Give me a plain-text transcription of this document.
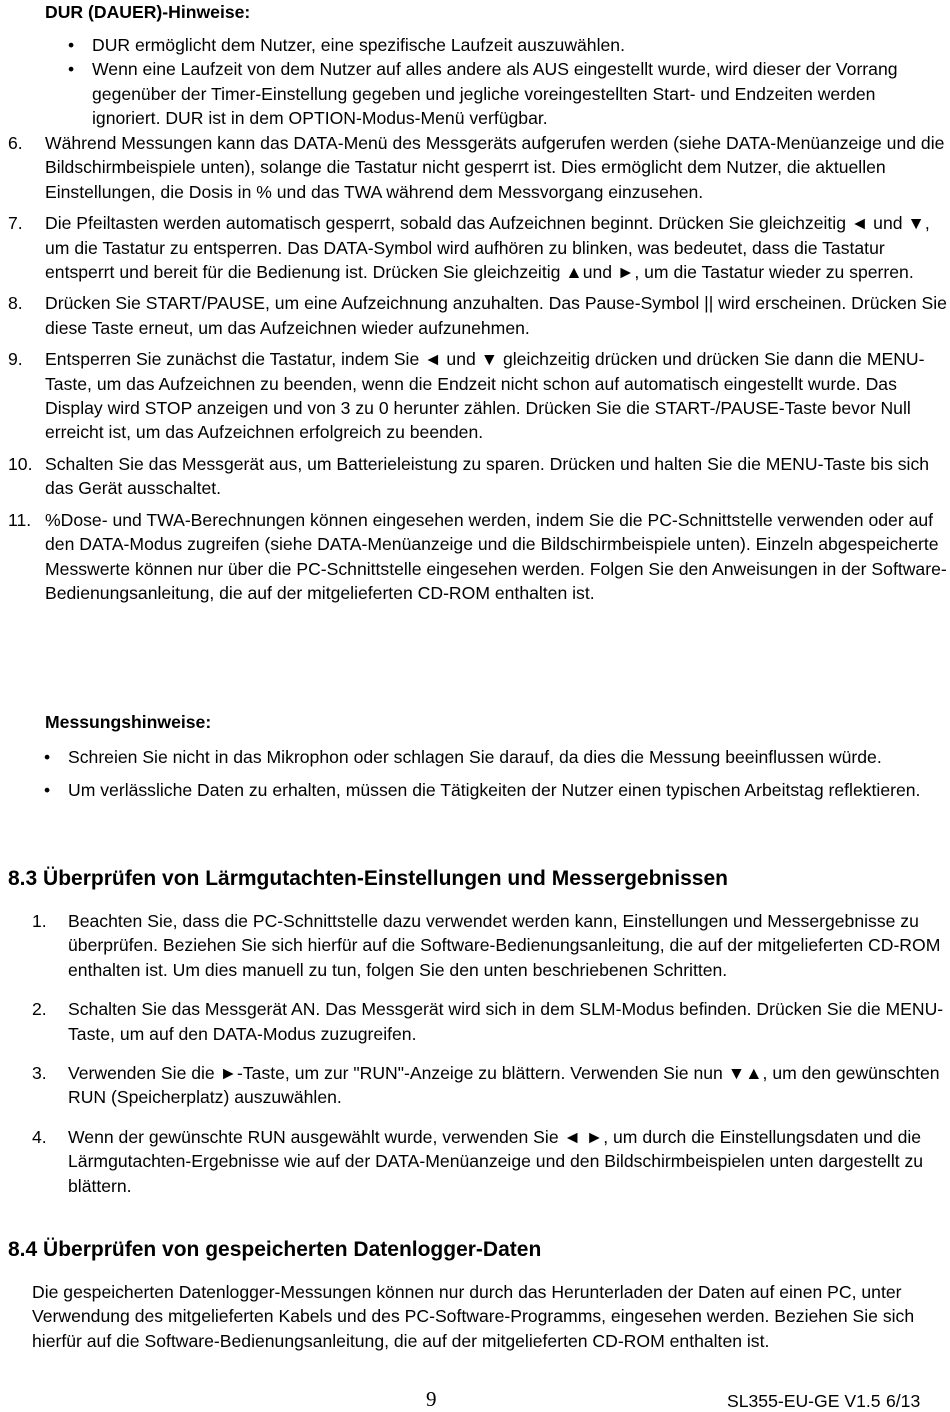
DUR (DAUER)-Hinweise:
• DUR ermöglicht dem Nutzer, eine spezifische Laufzeit auszuwählen.
• Wenn eine Laufzeit von dem Nutzer auf alles andere als AUS eingestellt wurde, wird dieser der Vorrang gegenüber der Timer-Einstellung gegeben und jegliche voreingestellten Start- und Endzeiten werden ignoriert. DUR ist in dem OPTION-Modus-Menü verfügbar.
6. Während Messungen kann das DATA-Menü des Messgeräts aufgerufen werden (siehe DATA-Menüanzeige und die Bildschirmbeispiele unten), solange die Tastatur nicht gesperrt ist. Dies ermöglicht dem Nutzer, die aktuellen Einstellungen, die Dosis in % und das TWA während dem Messvorgang einzusehen.
7. Die Pfeiltasten werden automatisch gesperrt, sobald das Aufzeichnen beginnt. Drücken Sie gleichzeitig ◄ und ▼, um die Tastatur zu entsperren. Das DATA-Symbol wird aufhören zu blinken, was bedeutet, dass die Tastatur entsperrt und bereit für die Bedienung ist. Drücken Sie gleichzeitig ▲und ►, um die Tastatur wieder zu sperren.
8. Drücken Sie START/PAUSE, um eine Aufzeichnung anzuhalten. Das Pause-Symbol || wird erscheinen. Drücken Sie diese Taste erneut, um das Aufzeichnen wieder aufzunehmen.
9. Entsperren Sie zunächst die Tastatur, indem Sie ◄ und ▼ gleichzeitig drücken und drücken Sie dann die MENU-Taste, um das Aufzeichnen zu beenden, wenn die Endzeit nicht schon auf automatisch eingestellt wurde. Das Display wird STOP anzeigen und von 3 zu 0 herunter zählen. Drücken Sie die START-/PAUSE-Taste bevor Null erreicht ist, um das Aufzeichnen erfolgreich zu beenden.
10. Schalten Sie das Messgerät aus, um Batterieleistung zu sparen. Drücken und halten Sie die MENU-Taste bis sich das Gerät ausschaltet.
11. %Dose- und TWA-Berechnungen können eingesehen werden, indem Sie die PC-Schnittstelle verwenden oder auf den DATA-Modus zugreifen (siehe DATA-Menüanzeige und die Bildschirmbeispiele unten). Einzeln abgespeicherte Messwerte können nur über die PC-Schnittstelle eingesehen werden. Folgen Sie den Anweisungen in der Software-Bedienungsanleitung, die auf der mitgelieferten CD-ROM enthalten ist.
Messungshinweise:
• Schreien Sie nicht in das Mikrophon oder schlagen Sie darauf, da dies die Messung beeinflussen würde.
• Um verlässliche Daten zu erhalten, müssen die Tätigkeiten der Nutzer einen typischen Arbeitstag reflektieren.
8.3 Überprüfen von Lärmgutachten-Einstellungen und Messergebnissen
1. Beachten Sie, dass die PC-Schnittstelle dazu verwendet werden kann, Einstellungen und Messergebnisse zu überprüfen. Beziehen Sie sich hierfür auf die Software-Bedienungsanleitung, die auf der mitgelieferten CD-ROM enthalten ist. Um dies manuell zu tun, folgen Sie den unten beschriebenen Schritten.
2. Schalten Sie das Messgerät AN. Das Messgerät wird sich in dem SLM-Modus befinden. Drücken Sie die MENU-Taste, um auf den DATA-Modus zuzugreifen.
3. Verwenden Sie die ►-Taste, um zur "RUN"-Anzeige zu blättern. Verwenden Sie nun ▼▲, um den gewünschten RUN (Speicherplatz) auszuwählen.
4. Wenn der gewünschte RUN ausgewählt wurde, verwenden Sie ◄ ►, um durch die Einstellungsdaten und die Lärmgutachten-Ergebnisse wie auf der DATA-Menüanzeige und den Bildschirmbeispielen unten dargestellt zu blättern.
8.4 Überprüfen von gespeicherten Datenlogger-Daten
Die gespeicherten Datenlogger-Messungen können nur durch das Herunterladen der Daten auf einen PC, unter Verwendung des mitgelieferten Kabels und des PC-Software-Programms, eingesehen werden. Beziehen Sie sich hierfür auf die Software-Bedienungsanleitung, die auf der mitgelieferten CD-ROM enthalten ist.
9	SL355-EU-GE V1.5 6/13
